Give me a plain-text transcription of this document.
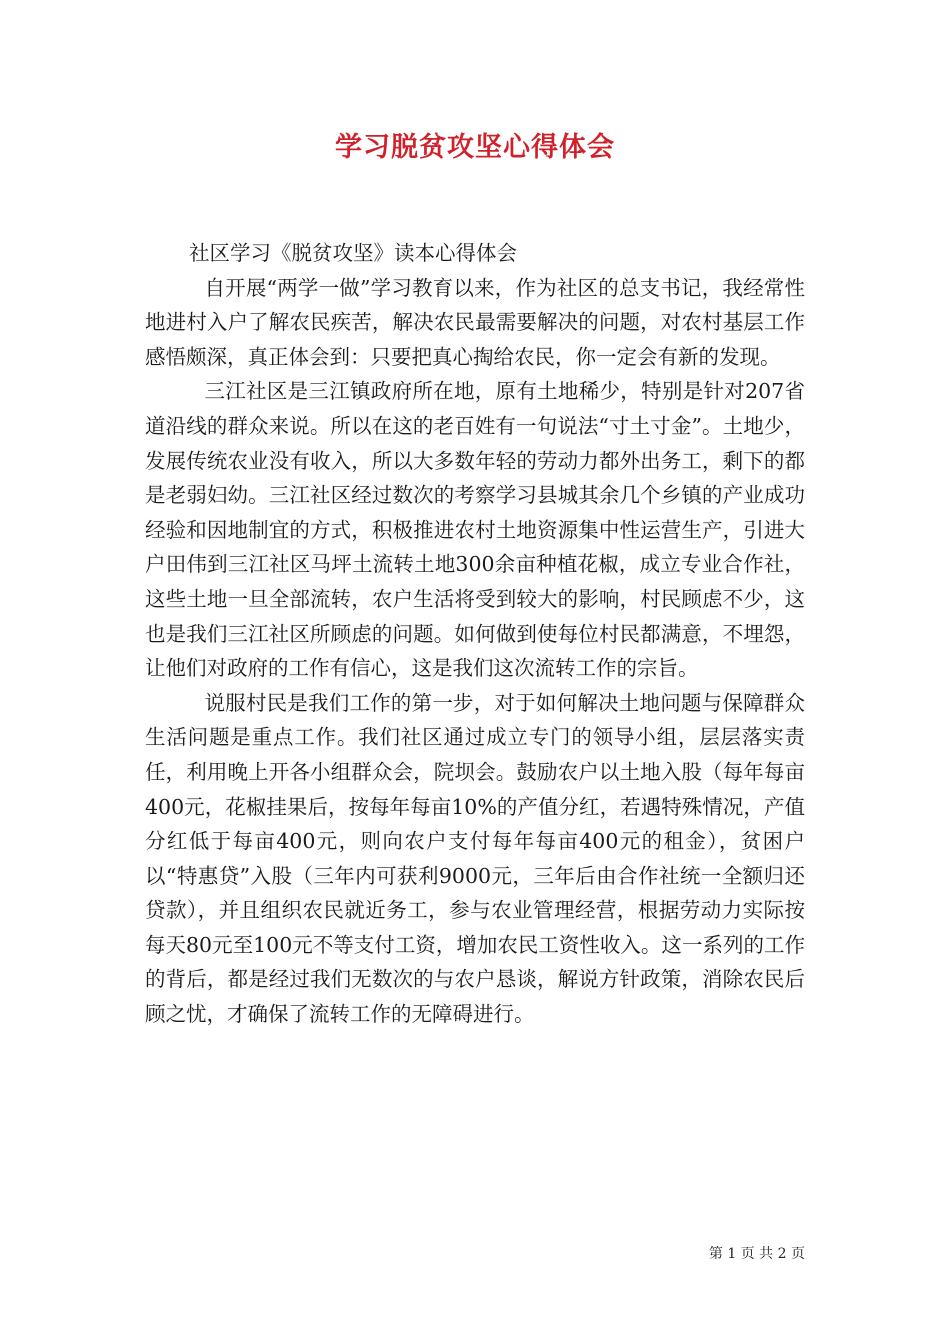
学习脱贫攻坚心得体会

社区学习《脱贫攻坚》读本心得体会

自开展“两学一做”学习教育以来，作为社区的总支书记，我经常性地进村入户了解农民疾苦，解决农民最需要解决的问题，对农村基层工作感悟颇深，真正体会到：只要把真心掏给农民，你一定会有新的发现。

三江社区是三江镇政府所在地，原有土地稀少，特别是针对207省道沿线的群众来说。所以在这的老百姓有一句说法“寸土寸金”。土地少，发展传统农业没有收入，所以大多数年轻的劳动力都外出务工，剩下的都是老弱妇幼。三江社区经过数次的考察学习县城其余几个乡镇的产业成功经验和因地制宜的方式，积极推进农村土地资源集中性运营生产，引进大户田伟到三江社区马坪土流转土地300余亩种植花椒，成立专业合作社，这些土地一旦全部流转，农户生活将受到较大的影响，村民顾虑不少，这也是我们三江社区所顾虑的问题。如何做到使每位村民都满意，不埋怨，让他们对政府的工作有信心，这是我们这次流转工作的宗旨。

说服村民是我们工作的第一步，对于如何解决土地问题与保障群众生活问题是重点工作。我们社区通过成立专门的领导小组，层层落实责任，利用晚上开各小组群众会，院坝会。鼓励农户以土地入股（每年每亩400元，花椒挂果后，按每年每亩10%的产值分红，若遇特殊情况，产值分红低于每亩400元，则向农户支付每年每亩400元的租金），贫困户以“特惠贷”入股（三年内可获利9000元，三年后由合作社统一全额归还贷款），并且组织农民就近务工，参与农业管理经营，根据劳动力实际按每天80元至100元不等支付工资，增加农民工资性收入。这一系列的工作的背后，都是经过我们无数次的与农户恳谈，解说方针政策，消除农民后顾之忧，才确保了流转工作的无障碍进行。

第 1 页 共 2 页
